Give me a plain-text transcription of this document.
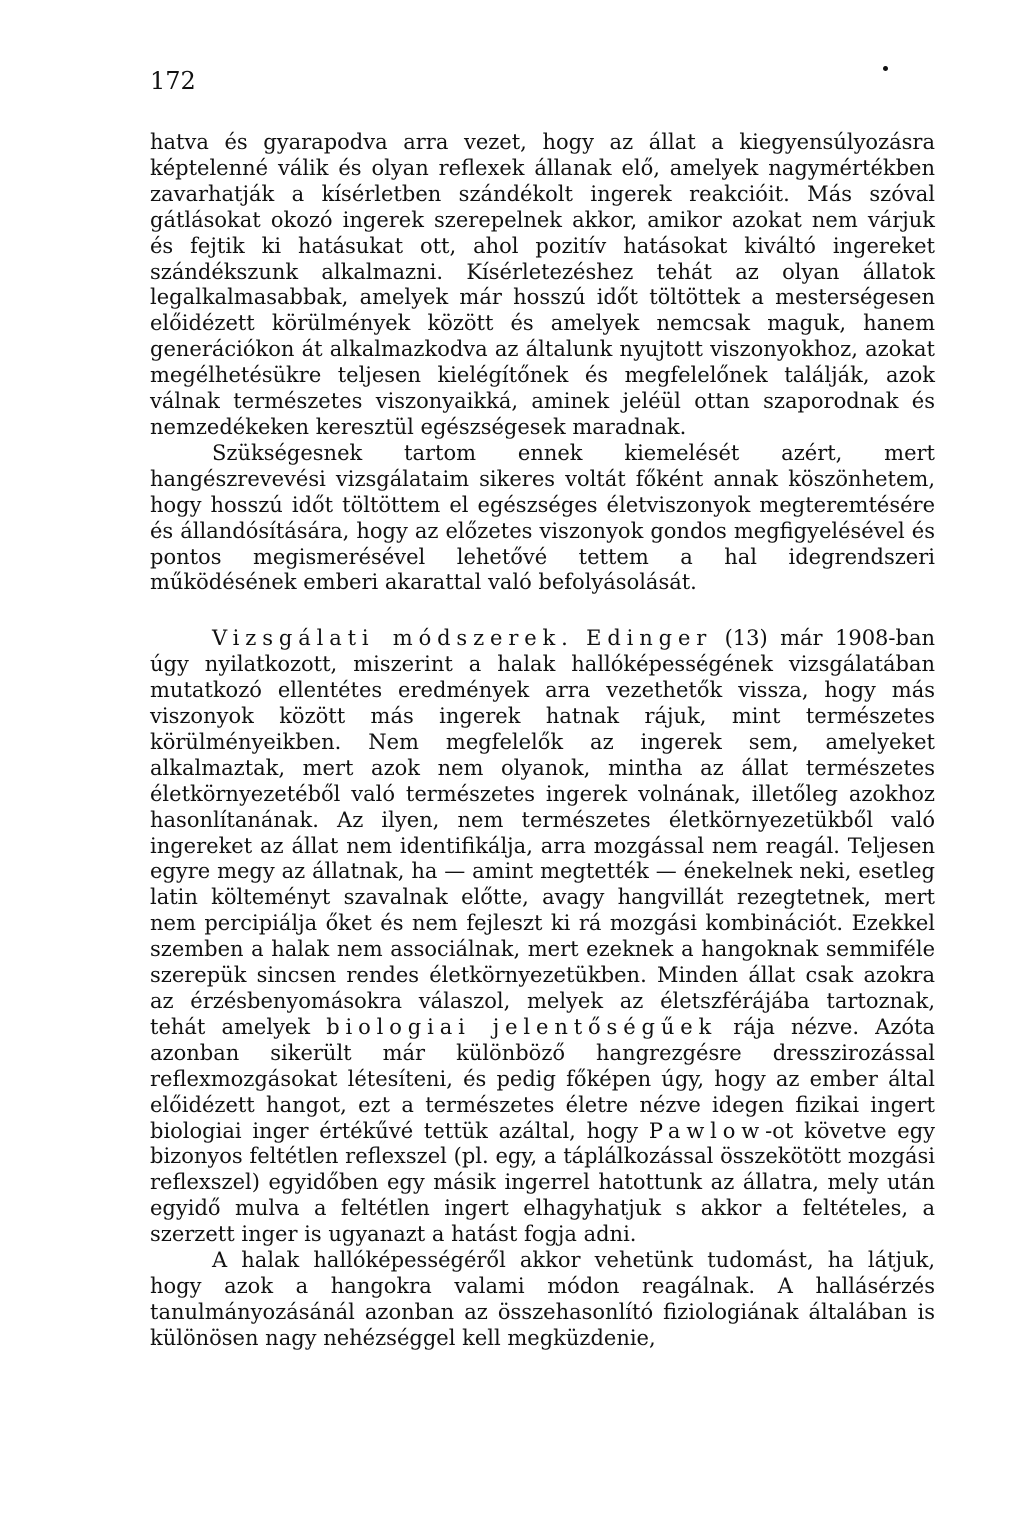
172

hatva és gyarapodva arra vezet, hogy az állat a kiegyensúlyozásra képtelenné válik és olyan reflexek állanak elő, amelyek nagymértékben zavarhatják a kísérletben szándékolt ingerek reakcióit. Más szóval gátlásokat okozó ingerek szerepelnek akkor, amikor azokat nem várjuk és fejtik ki hatásukat ott, ahol pozitív hatásokat kiváltó ingereket szándékszunk alkalmazni. Kísérletezéshez tehát az olyan állatok legalkalmasabbak, amelyek már hosszú időt töltöttek a mesterségesen előidézett körülmények között és amelyek nemcsak maguk, hanem generációkon át alkalmazkodva az általunk nyujtott viszonyokhoz, azokat megélhetésükre teljesen kielégítőnek és megfelelőnek találják, azok válnak természetes viszonyaikká, aminek jeléül ottan szaporodnak és nemzedékeken keresztül egészségesek maradnak.

Szükségesnek tartom ennek kiemelését azért, mert hangészrevevési vizsgálataim sikeres voltát főként annak köszönhetem, hogy hosszú időt töltöttem el egészséges életviszonyok megteremtésére és állandósítására, hogy az előzetes viszonyok gondos megfigyelésével és pontos megismerésével lehetővé tettem a hal idegrendszeri működésének emberi akarattal való befolyásolását.

Vizsgálati módszerek. Edinger (13) már 1908-ban úgy nyilatkozott, miszerint a halak hallóképességének vizsgálatában mutatkozó ellentétes eredmények arra vezethetők vissza, hogy más viszonyok között más ingerek hatnak rájuk, mint természetes körülményeikben. Nem megfelelők az ingerek sem, amelyeket alkalmaztak, mert azok nem olyanok, mintha az állat természetes életkörnyezetéből való természetes ingerek volnának, illetőleg azokhoz hasonlítanának. Az ilyen, nem természetes életkörnyezetükből való ingereket az állat nem identifikálja, arra mozgással nem reagál. Teljesen egyre megy az állatnak, ha — amint megtették — énekelnek neki, esetleg latin költeményt szavalnak előtte, avagy hangvillát rezegtetnek, mert nem percipiálja őket és nem fejleszt ki rá mozgási kombinációt. Ezekkel szemben a halak nem associálnak, mert ezeknek a hangoknak semmiféle szerepük sincsen rendes életkörnyezetükben. Minden állat csak azokra az érzésbenyomásokra válaszol, melyek az életszférájába tartoznak, tehát amelyek biologiai jelentőségűek rája nézve. Azóta azonban sikerült már különböző hangrezgésre dresszirozással reflexmozgásokat létesíteni, és pedig főképen úgy, hogy az ember által előidézett hangot, ezt a természetes életre nézve idegen fizikai ingert biologiai inger értékűvé tettük azáltal, hogy Pawlow-ot követve egy bizonyos feltétlen reflexszel (pl. egy, a táplálkozással összekötött mozgási reflexszel) egyidőben egy másik ingerrel hatottunk az állatra, mely után egyidő mulva a feltétlen ingert elhagyhatjuk s akkor a feltételes, a szerzett inger is ugyanazt a hatást fogja adni.

A halak hallóképességéről akkor vehetünk tudomást, ha látjuk, hogy azok a hangokra valami módon reagálnak. A hallásérzés tanulmányozásánál azonban az összehasonlító fiziologiának általában is különösen nagy nehézséggel kell megküzdenie,
